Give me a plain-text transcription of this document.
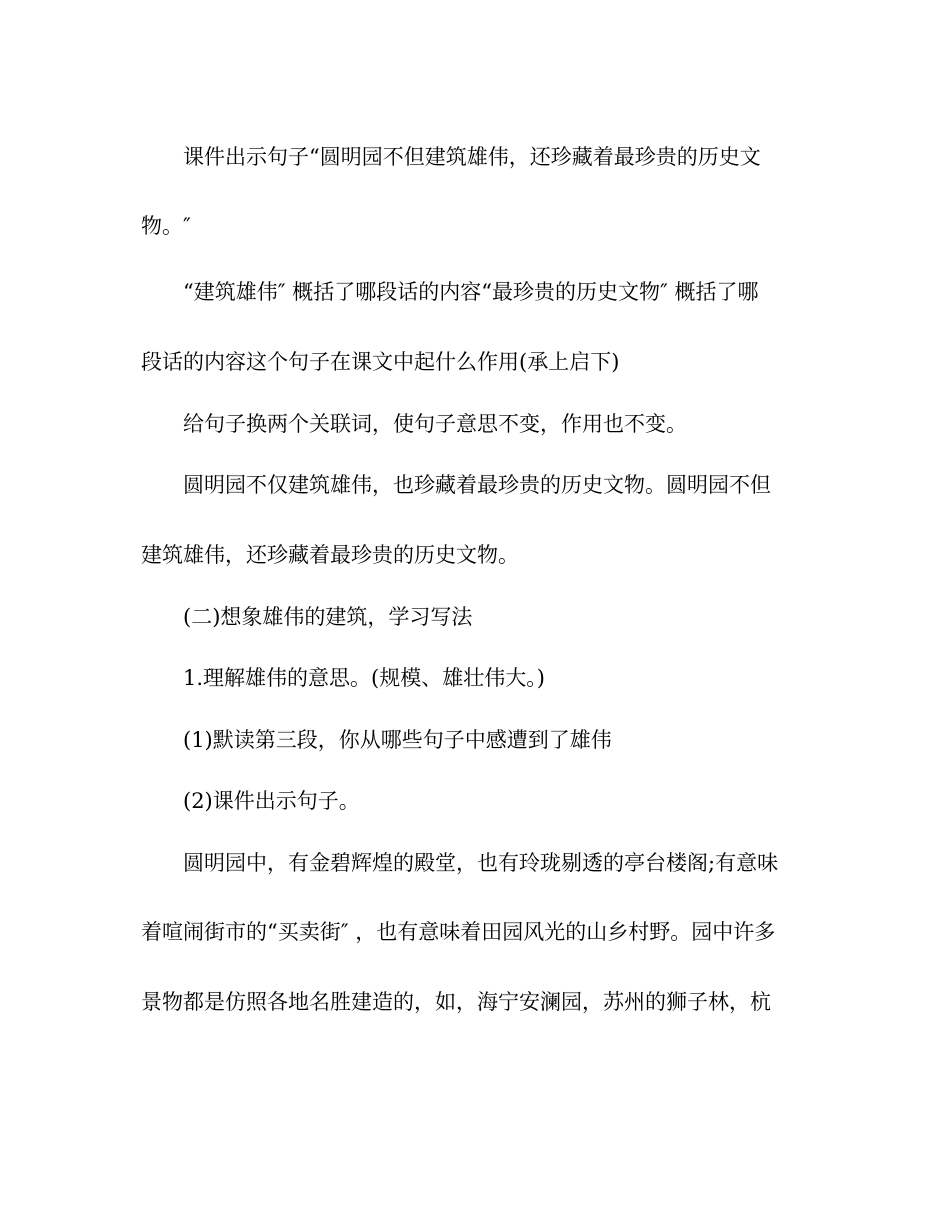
课件出示句子“圆明园不但建筑雄伟，还珍藏着最珍贵的历史文

物。″

“建筑雄伟″ 概括了哪段话的内容“最珍贵的历史文物″ 概括了哪

段话的内容这个句子在课文中起什么作用(承上启下)

给句子换两个关联词，使句子意思不变，作用也不变。

圆明园不仅建筑雄伟，也珍藏着最珍贵的历史文物。圆明园不但

建筑雄伟，还珍藏着最珍贵的历史文物。

(二)想象雄伟的建筑，学习写法

1.理解雄伟的意思。(规模、雄壮伟大。)

(1)默读第三段，你从哪些句子中感遭到了雄伟

(2)课件出示句子。

圆明园中，有金碧辉煌的殿堂，也有玲珑剔透的亭台楼阁;有意味

着喧闹街市的“买卖街″ ，也有意味着田园风光的山乡村野。园中许多

景物都是仿照各地名胜建造的，如，海宁安澜园，苏州的狮子林，杭
